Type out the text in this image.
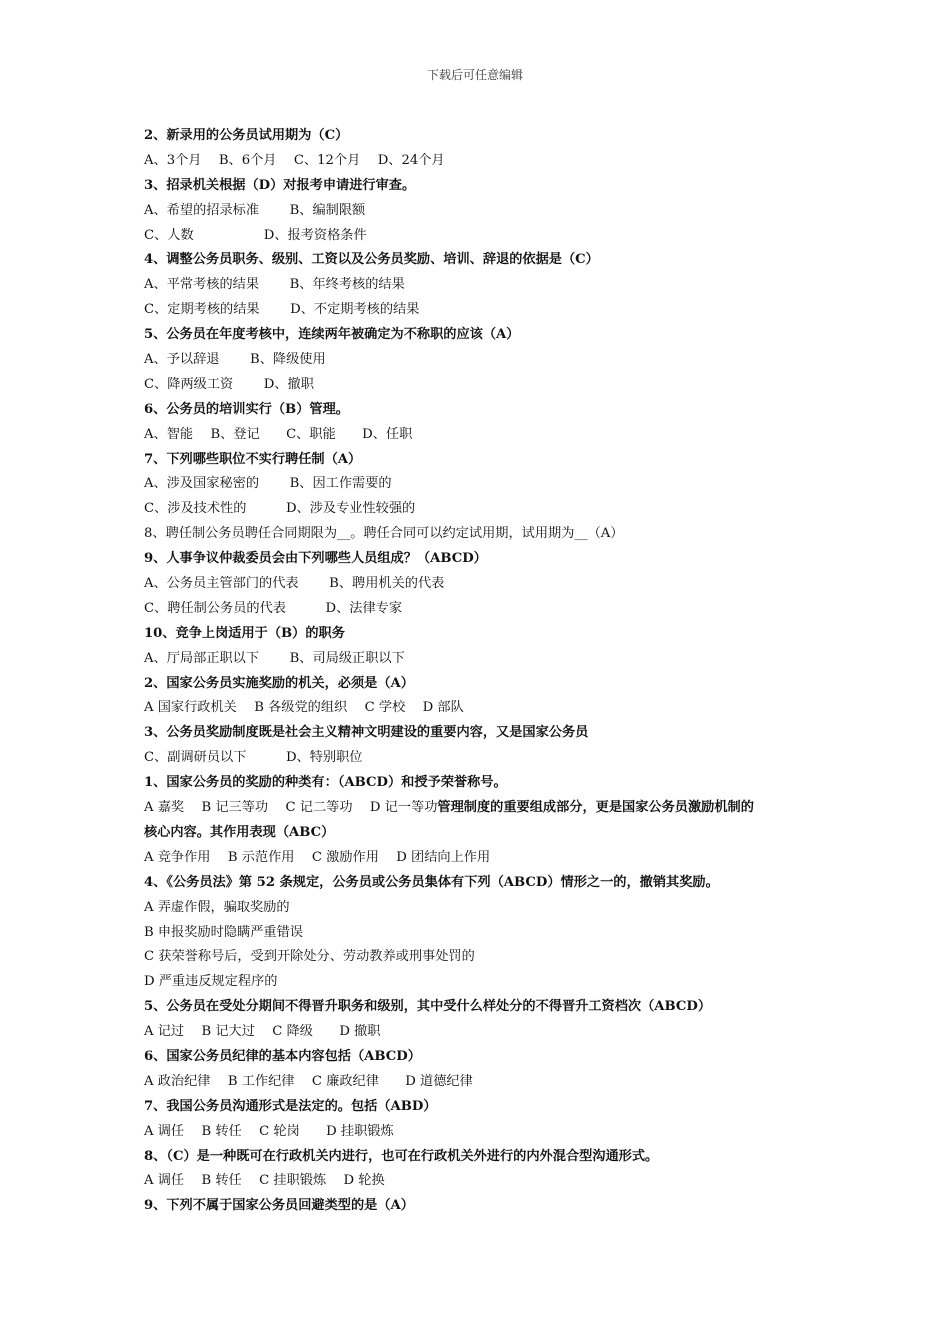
下载后可任意编辑
2、新录用的公务员试用期为（C）
A、3个月　 B、6个月　 C、12个月　 D、24个月
3、招录机关根据（D）对报考申请进行审查。
A、希望的招录标准　　 B、编制限额
C、人数　　　　　 D、报考资格条件
4、调整公务员职务、级别、工资以及公务员奖励、培训、辞退的依据是（C）
A、平常考核的结果　　 B、年终考核的结果
C、定期考核的结果　　 D、不定期考核的结果
5、公务员在年度考核中，连续两年被确定为不称职的应该（A）
A、予以辞退　　 B、降级使用
C、降两级工资　　 D、撤职
6、公务员的培训实行（B）管理。
A、智能　 B、登记　　C、职能　　D、任职
7、下列哪些职位不实行聘任制（A）
A、涉及国家秘密的　　 B、因工作需要的
C、涉及技术性的　　　D、涉及专业性较强的
8、聘任制公务员聘任合同期限为__。聘任合同可以约定试用期，试用期为__（A）
9、人事争议仲裁委员会由下列哪些人员组成？（ABCD）
A、公务员主管部门的代表　　 B、聘用机关的代表
C、聘任制公务员的代表　　　D、法律专家
10、竞争上岗适用于（B）的职务
A、厅局部正职以下　　 B、司局级正职以下
2、国家公务员实施奖励的机关，必须是（A）
A 国家行政机关　 B 各级党的组织　 C 学校　 D 部队
3、公务员奖励制度既是社会主义精神文明建设的重要内容，又是国家公务员
C、副调研员以下　　　D、特别职位
1、国家公务员的奖励的种类有：（ABCD）和授予荣誉称号。
A 嘉奖　 B 记三等功　 C 记二等功　 D 记一等功管理制度的重要组成部分，更是国家公务员激励机制的
核心内容。其作用表现（ABC）
A 竞争作用　 B 示范作用　 C 激励作用　 D 团结向上作用
4、《公务员法》第 52 条规定，公务员或公务员集体有下列（ABCD）情形之一的，撤销其奖励。
A 弄虚作假，骗取奖励的
B 申报奖励时隐瞒严重错误
C 获荣誉称号后，受到开除处分、劳动教养或刑事处罚的
D 严重违反规定程序的
5、公务员在受处分期间不得晋升职务和级别，其中受什么样处分的不得晋升工资档次（ABCD）
A 记过　 B 记大过　 C 降级　　D 撤职
6、国家公务员纪律的基本内容包括（ABCD）
A 政治纪律　 B 工作纪律　 C 廉政纪律　　D 道德纪律
7、我国公务员沟通形式是法定的。包括（ABD）
A 调任　 B 转任　 C 轮岗　　D 挂职锻炼
8、（C）是一种既可在行政机关内进行，也可在行政机关外进行的内外混合型沟通形式。
A 调任　 B 转任　 C 挂职锻炼　 D 轮换
9、下列不属于国家公务员回避类型的是（A）
